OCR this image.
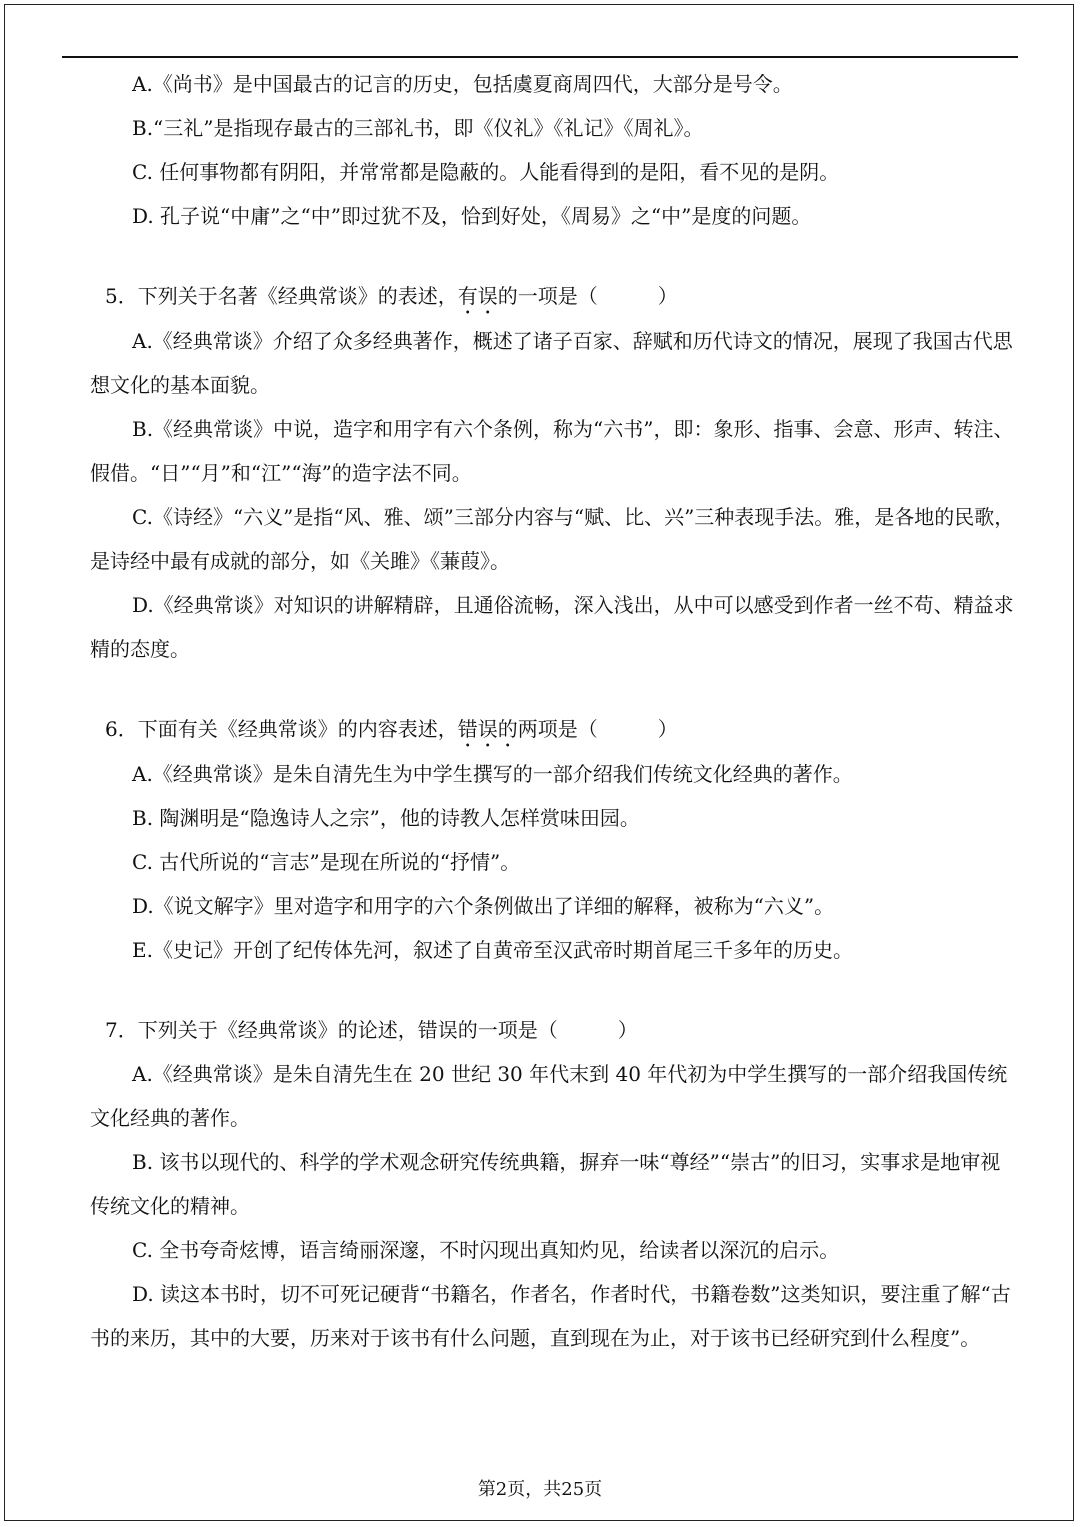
A.《尚书》是中国最古的记言的历史，包括虞夏商周四代，大部分是号令。

B.“三礼”是指现存最古的三部礼书，即《仪礼》《礼记》《周礼》。

C. 任何事物都有阴阳，并常常都是隐蔽的。人能看得到的是阳，看不见的是阴。

D. 孔子说“中庸”之“中”即过犹不及，恰到好处，《周易》之“中”是度的问题。

5．下列关于名著《经典常谈》的表述，有误的一项是（　　　）

A.《经典常谈》介绍了众多经典著作，概述了诸子百家、辞赋和历代诗文的情况，展现了我国古代思想文化的基本面貌。

B.《经典常谈》中说，造字和用字有六个条例，称为“六书”，即：象形、指事、会意、形声、转注、假借。“日”“月”和“江”“海”的造字法不同。

C.《诗经》“六义”是指“风、雅、颂”三部分内容与“赋、比、兴”三种表现手法。雅，是各地的民歌，是诗经中最有成就的部分，如《关雎》《蒹葭》。

D.《经典常谈》对知识的讲解精辟，且通俗流畅，深入浅出，从中可以感受到作者一丝不苟、精益求精的态度。

6．下面有关《经典常谈》的内容表述，错误的两项是（　　　）

A.《经典常谈》是朱自清先生为中学生撰写的一部介绍我们传统文化经典的著作。

B. 陶渊明是“隐逸诗人之宗”，他的诗教人怎样赏味田园。

C. 古代所说的“言志”是现在所说的“抒情”。

D.《说文解字》里对造字和用字的六个条例做出了详细的解释，被称为“六义”。

E.《史记》开创了纪传体先河，叙述了自黄帝至汉武帝时期首尾三千多年的历史。

7．下列关于《经典常谈》的论述，错误的一项是（　　　）

A.《经典常谈》是朱自清先生在 20 世纪 30 年代末到 40 年代初为中学生撰写的一部介绍我国传统文化经典的著作。

B. 该书以现代的、科学的学术观念研究传统典籍，摒弃一味“尊经”“崇古”的旧习，实事求是地审视传统文化的精神。

C. 全书夸奇炫博，语言绮丽深邃，不时闪现出真知灼见，给读者以深沉的启示。

D. 读这本书时，切不可死记硬背“书籍名，作者名，作者时代，书籍卷数”这类知识，要注重了解“古书的来历，其中的大要，历来对于该书有什么问题，直到现在为止，对于该书已经研究到什么程度”。

第2页，共25页
